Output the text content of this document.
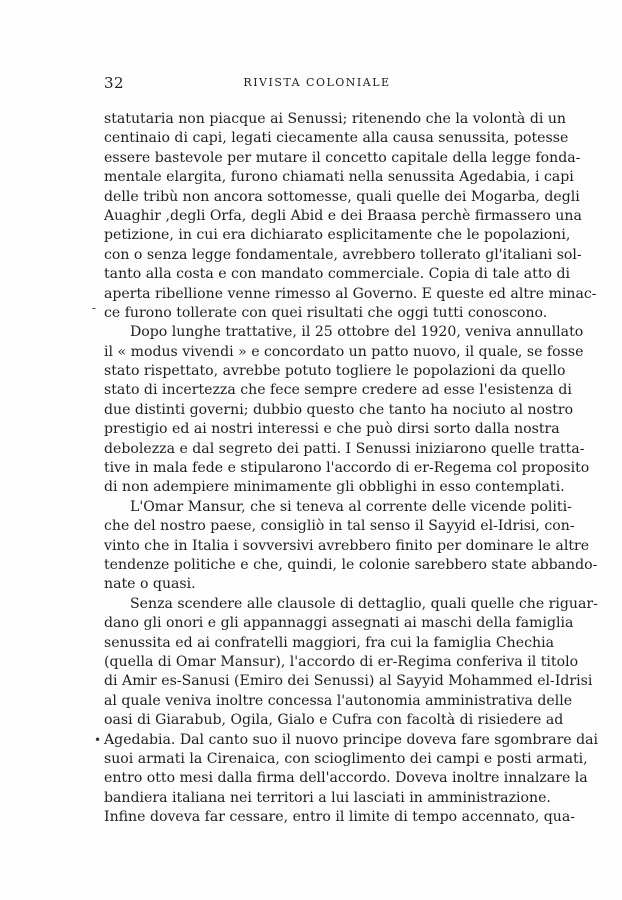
32	RIVISTA COLONIALE
statutaria non piacque ai Senussi; ritenendo che la volontà di un
centinaio di capi, legati ciecamente alla causa senussita, potesse
essere bastevole per mutare il concetto capitale della legge fonda-
mentale elargita, furono chiamati nella senussita Agedabia, i capi
delle tribù non ancora sottomesse, quali quelle dei Mogarba, degli
Auaghir ,degli Orfa, degli Abid e dei Braasa perchè firmassero una
petizione, in cui era dichiarato esplicitamente che le popolazioni,
con o senza legge fondamentale, avrebbero tollerato gl'italiani sol-
tanto alla costa e con mandato commerciale. Copia di tale atto di
aperta ribellione venne rimesso al Governo. E queste ed altre minac-
ce furono tollerate con quei risultati che oggi tutti conoscono.
Dopo lunghe trattative, il 25 ottobre del 1920, veniva annullato
il « modus vivendi » e concordato un patto nuovo, il quale, se fosse
stato rispettato, avrebbe potuto togliere le popolazioni da quello
stato di incertezza che fece sempre credere ad esse l'esistenza di
due distinti governi; dubbio questo che tanto ha nociuto al nostro
prestigio ed ai nostri interessi e che può dirsi sorto dalla nostra
debolezza e dal segreto dei patti. I Senussi iniziarono quelle tratta-
tive in mala fede e stipularono l'accordo di er-Regema col proposito
di non adempiere minimamente gli obblighi in esso contemplati.
L'Omar Mansur, che si teneva al corrente delle vicende politi-
che del nostro paese, consigliò in tal senso il Sayyid el-Idrisi, con-
vinto che in Italia i sovversivi avrebbero finito per dominare le altre
tendenze politiche e che, quindi, le colonie sarebbero state abbando-
nate o quasi.
Senza scendere alle clausole di dettaglio, quali quelle che riguar-
dano gli onori e gli appannaggi assegnati ai maschi della famiglia
senussita ed ai confratelli maggiori, fra cui la famiglia Chechia
(quella di Omar Mansur), l'accordo di er-Regima conferiva il titolo
di Amir es-Sanusi (Emiro dei Senussi) al Sayyid Mohammed el-Idrisi
al quale veniva inoltre concessa l'autonomia amministrativa delle
oasi di Giarabub, Ogila, Gialo e Cufra con facoltà di risiedere ad
Agedabia. Dal canto suo il nuovo principe doveva fare sgombrare dai
suoi armati la Cirenaica, con scioglimento dei campi e posti armati,
entro otto mesi dalla firma dell'accordo. Doveva inoltre innalzare la
bandiera italiana nei territori a lui lasciati in amministrazione.
Infine doveva far cessare, entro il limite di tempo accennato, qua-
-
•
